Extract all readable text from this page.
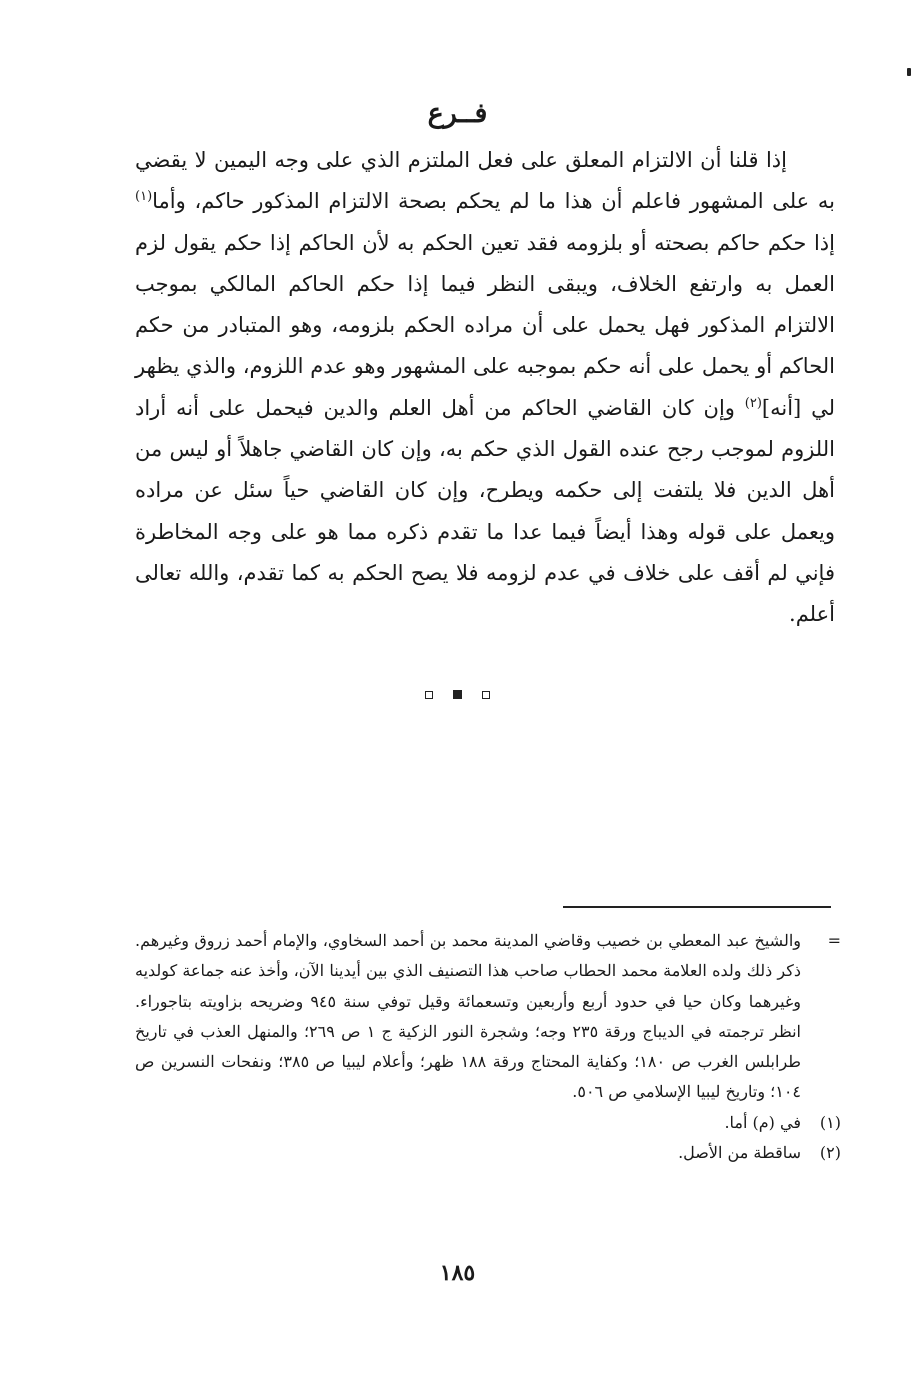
فــرع

إذا قلنا أن الالتزام المعلق على فعل الملتزم الذي على وجه اليمين لا يقضي به على المشهور فاعلم أن هذا ما لم يحكم بصحة الالتزام المذكور حاكم، وأما$^{(١)}$ إذا حكم حاكم بصحته أو بلزومه فقد تعين الحكم به لأن الحاكم إذا حكم يقول لزم العمل به وارتفع الخلاف، ويبقى النظر فيما إذا حكم الحاكم المالكي بموجب الالتزام المذكور فهل يحمل على أن مراده الحكم بلزومه، وهو المتبادر من حكم الحاكم أو يحمل على أنه حكم بموجبه على المشهور وهو عدم اللزوم، والذي يظهر لي [أنه]$^{(٢)}$ وإن كان القاضي الحاكم من أهل العلم والدين فيحمل على أنه أراد اللزوم لموجب رجح عنده القول الذي حكم به، وإن كان القاضي جاهلاً أو ليس من أهل الدين فلا يلتفت إلى حكمه ويطرح، وإن كان القاضي حياً سئل عن مراده ويعمل على قوله وهذا أيضاً فيما عدا ما تقدم ذكره مما هو على وجه المخاطرة فإني لم أقف على خلاف في عدم لزومه فلا يصح الحكم به كما تقدم، والله تعالى أعلم.

=
والشيخ عبد المعطي بن خصيب وقاضي المدينة محمد بن أحمد السخاوي، والإمام أحمد زروق وغيرهم. ذكر ذلك ولده العلامة محمد الحطاب صاحب هذا التصنيف الذي بين أيدينا الآن، وأخذ عنه جماعة كولديه وغيرهما وكان حيا في حدود أربع وأربعين وتسعمائة وقيل توفي سنة ٩٤٥ وضريحه بزاويته بتاجوراء. انظر ترجمته في الديباج ورقة ٢٣٥ وجه؛ وشجرة النور الزكية ج ١ ص ٢٦٩؛ والمنهل العذب في تاريخ طرابلس الغرب ص ١٨٠؛ وكفاية المحتاج ورقة ١٨٨ ظهر؛ وأعلام ليبيا ص ٣٨٥؛ ونفحات النسرين ص ١٠٤؛ وتاريخ ليبيا الإسلامي ص ٥٠٦.
(١)
في (م) أما.
(٢)
ساقطة من الأصل.
١٨٥
